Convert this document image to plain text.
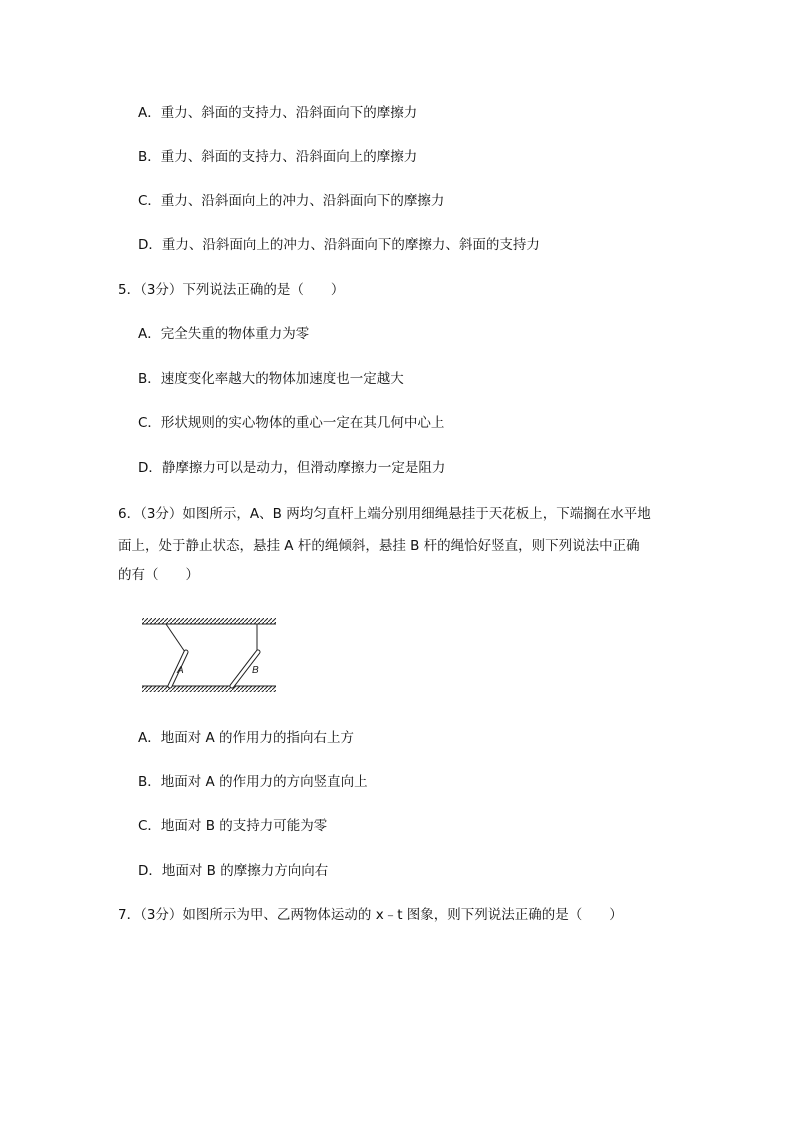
A．重力、斜面的支持力、沿斜面向下的摩擦力
B．重力、斜面的支持力、沿斜面向上的摩擦力
C．重力、沿斜面向上的冲力、沿斜面向下的摩擦力
D．重力、沿斜面向上的冲力、沿斜面向下的摩擦力、斜面的支持力
5．（3分）下列说法正确的是（　　）
A．完全失重的物体重力为零
B．速度变化率越大的物体加速度也一定越大
C．形状规则的实心物体的重心一定在其几何中心上
D．静摩擦力可以是动力，但滑动摩擦力一定是阻力
6．（3分）如图所示，A、B 两均匀直杆上端分别用细绳悬挂于天花板上，下端搁在水平地
面上，处于静止状态，悬挂 A 杆的绳倾斜，悬挂 B 杆的绳恰好竖直，则下列说法中正确
的有（　　）
A	B
A．地面对 A 的作用力的指向右上方
B．地面对 A 的作用力的方向竖直向上
C．地面对 B 的支持力可能为零
D．地面对 B 的摩擦力方向向右
7．（3分）如图所示为甲、乙两物体运动的 x﹣t 图象，则下列说法正确的是（　　）
